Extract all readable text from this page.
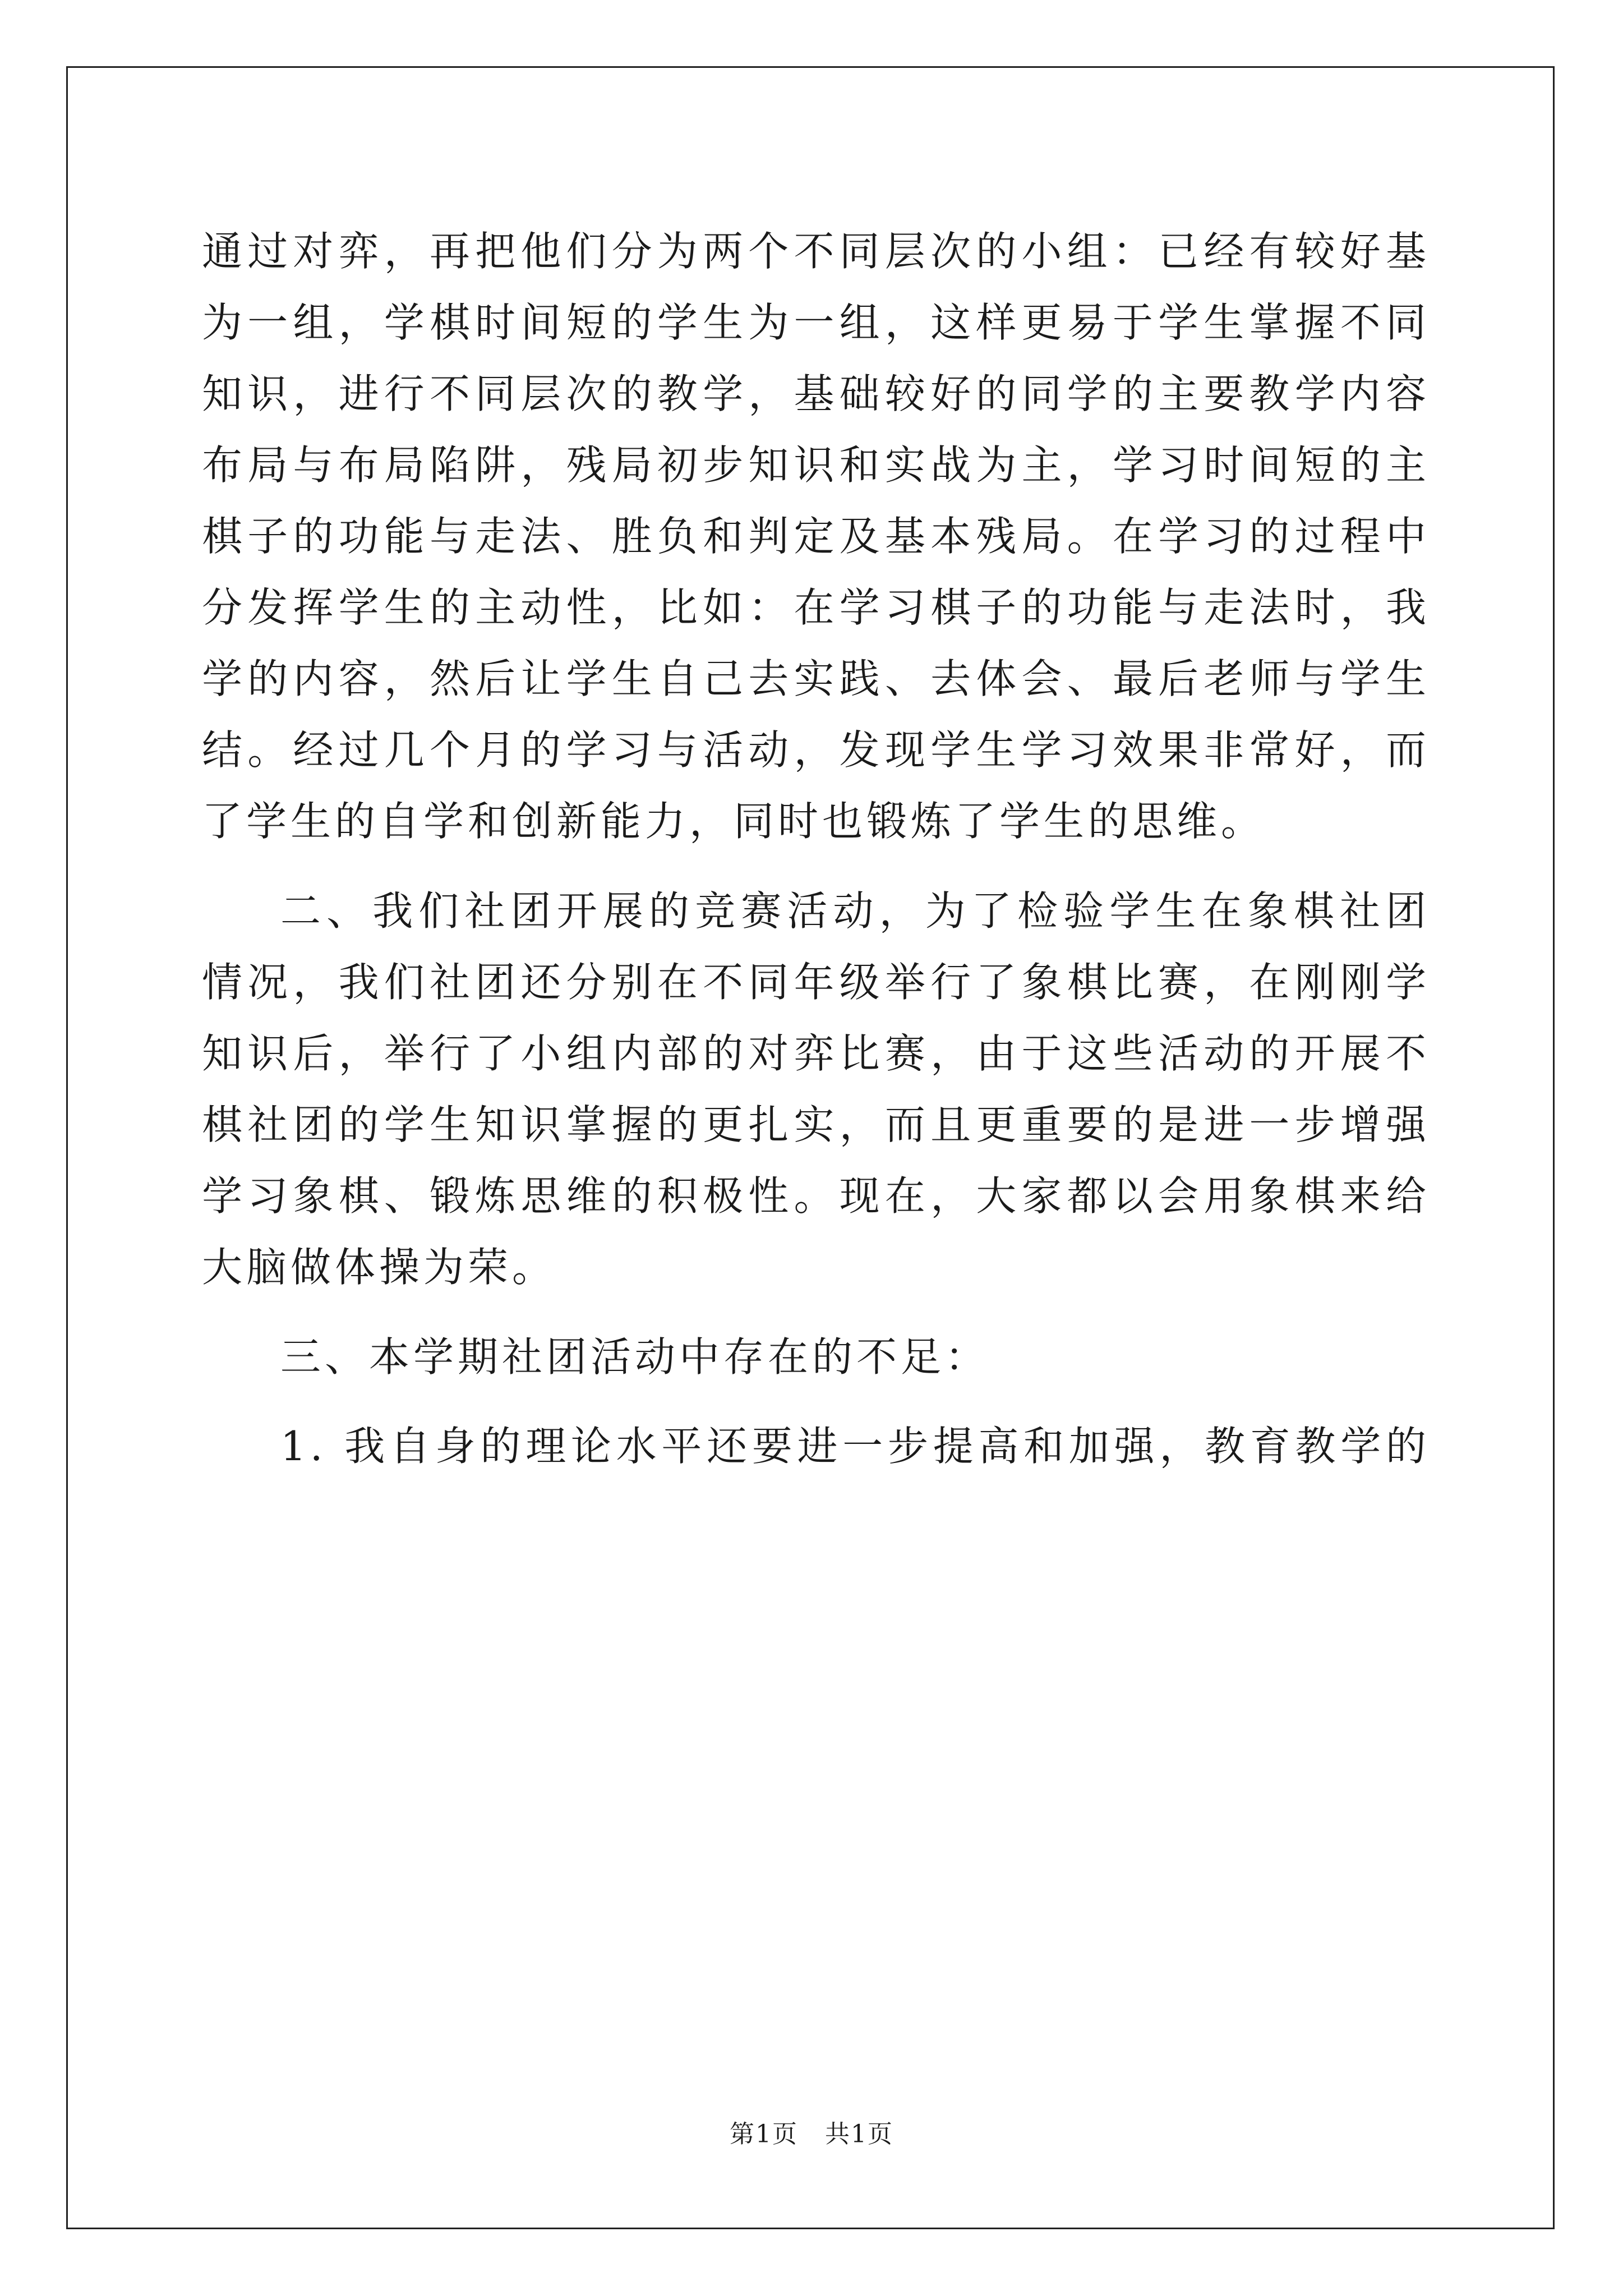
通过对弈，再把他们分为两个不同层次的小组：已经有较好基
为一组，学棋时间短的学生为一组，这样更易于学生掌握不同
知识，进行不同层次的教学，基础较好的同学的主要教学内容
布局与布局陷阱，残局初步知识和实战为主，学习时间短的主
棋子的功能与走法、胜负和判定及基本残局。在学习的过程中
分发挥学生的主动性，比如：在学习棋子的功能与走法时，我
学的内容，然后让学生自己去实践、去体会、最后老师与学生
结。经过几个月的学习与活动，发现学生学习效果非常好，而
了学生的自学和创新能力，同时也锻炼了学生的思维。
二、我们社团开展的竞赛活动，为了检验学生在象棋社团
情况，我们社团还分别在不同年级举行了象棋比赛，在刚刚学
知识后，举行了小组内部的对弈比赛，由于这些活动的开展不
棋社团的学生知识掌握的更扎实，而且更重要的是进一步增强
学习象棋、锻炼思维的积极性。现在，大家都以会用象棋来给
大脑做体操为荣。
三、本学期社团活动中存在的不足：
1. 我自身的理论水平还要进一步提高和加强，教育教学的
第1页   共1页
